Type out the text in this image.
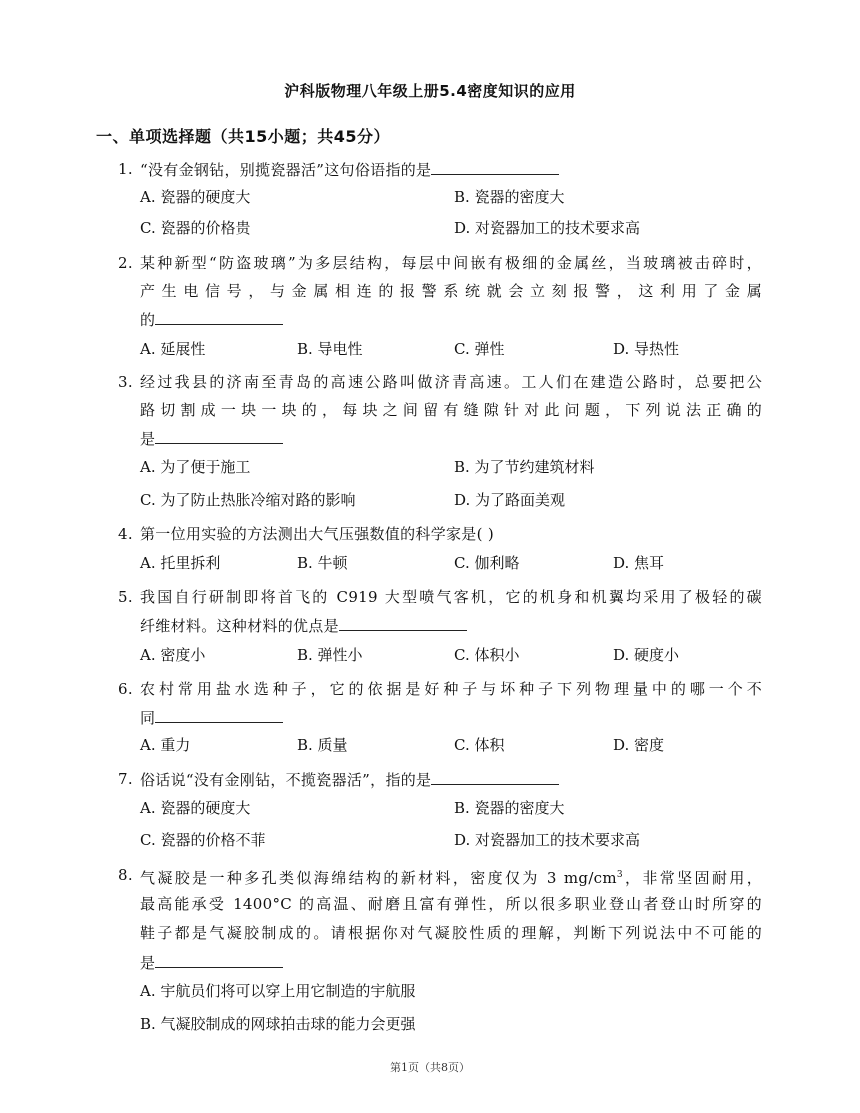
沪科版物理八年级上册5.4密度知识的应用
一、单项选择题（共15小题；共45分）
1. “没有金钢钻，别揽瓷器活”这句俗语指的是
A. 瓷器的硬度大	B. 瓷器的密度大
C. 瓷器的价格贵	D. 对瓷器加工的技术要求高
2. 某种新型“防盗玻璃”为多层结构，每层中间嵌有极细的金属丝，当玻璃被击碎时，
产生电信号，与金属相连的报警系统就会立刻报警，这利用了金属
的
A. 延展性	B. 导电性	C. 弹性	D. 导热性
3. 经过我县的济南至青岛的高速公路叫做济青高速。工人们在建造公路时，总要把公
路切割成一块一块的，每块之间留有缝隙针对此问题，下列说法正确的
是
A. 为了便于施工	B. 为了节约建筑材料
C. 为了防止热胀冷缩对路的影响	D. 为了路面美观
4. 第一位用实验的方法测出大气压强数值的科学家是( )
A. 托里拆利	B. 牛顿	C. 伽利略	D. 焦耳
5. 我国自行研制即将首飞的 C919 大型喷气客机，它的机身和机翼均采用了极轻的碳
纤维材料。这种材料的优点是
A. 密度小	B. 弹性小	C. 体积小	D. 硬度小
6. 农村常用盐水选种子，它的依据是好种子与坏种子下列物理量中的哪一个不
同
A. 重力	B. 质量	C. 体积	D. 密度
7. 俗话说“没有金刚钻，不揽瓷器活”，指的是
A. 瓷器的硬度大	B. 瓷器的密度大
C. 瓷器的价格不菲	D. 对瓷器加工的技术要求高
8. 气凝胶是一种多孔类似海绵结构的新材料，密度仅为 3 $mg/cm^3$，非常坚固耐用，
最高能承受 1400°C 的高温、耐磨且富有弹性，所以很多职业登山者登山时所穿的
鞋子都是气凝胶制成的。请根据你对气凝胶性质的理解，判断下列说法中不可能的
是
A. 宇航员们将可以穿上用它制造的宇航服
B. 气凝胶制成的网球拍击球的能力会更强
第1页（共8页）
